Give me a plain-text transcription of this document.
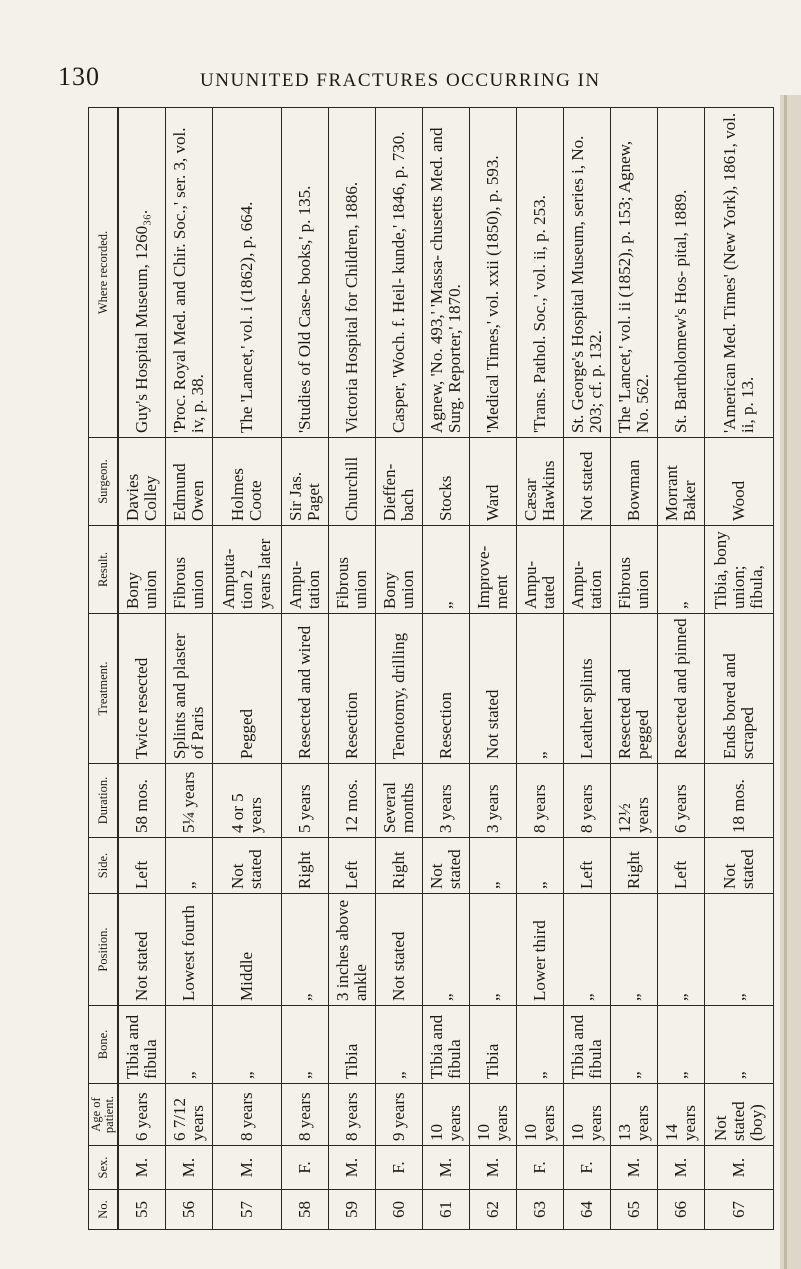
130	UNUNITED FRACTURES OCCURRING IN
No.	Sex.	Age of patient.	Bone.	Position.	Side.	Duration.	Treatment.	Result.	Surgeon.	Where recorded.
55	M.	6 years	Tibia and fibula	Not stated	Left	58 mos.	Twice resected	Bony union	Davies Colley	Guy's Hospital Museum, 1260₃₆.
56	M.	6 7/12 years	„	Lowest fourth	„	5¼ years	Splints and plaster of Paris	Fibrous union	Edmund Owen	'Proc. Royal Med. and Chir. Soc.,' ser. 3, vol. iv, p. 38.
57	M.	8 years	„	Middle	Not stated	4 or 5 years	Pegged	Amputa- tion 2 years later	Holmes Coote	The 'Lancet,' vol. i (1862), p. 664.
58	F.	8 years	„	„	Right	5 years	Resected and wired	Ampu- tation	Sir Jas. Paget	'Studies of Old Case- books,' p. 135.
59	M.	8 years	Tibia	3 inches above ankle	Left	12 mos.	Resection	Fibrous union	Churchill	Victoria Hospital for Children, 1886.
60	F.	9 years	„	Not stated	Right	Several months	Tenotomy, drilling	Bony union	Dieffen- bach	Casper, 'Woch. f. Heil- kunde,' 1846, p. 730.
61	M.	10 years	Tibia and fibula	„	Not stated	3 years	Resection	„	Stocks	Agnew, 'No. 493,' 'Massa- chusetts Med. and Surg. Reporter,' 1870.
62	M.	10 years	Tibia	„	„	3 years	Not stated	Improve- ment	Ward	'Medical Times,' vol. xxii (1850), p. 593.
63	F.	10 years	„	Lower third	„	8 years	„	Ampu- tated	Cæsar Hawkins	'Trans. Pathol. Soc.,' vol. ii, p. 253.
64	F.	10 years	Tibia and fibula	„	Left	8 years	Leather splints	Ampu- tation	Not stated	St. George's Hospital Museum, series i, No. 203; cf. p. 132.
65	M.	13 years	„	„	Right	12½ years	Resected and pegged	Fibrous union	Bowman	The 'Lancet,' vol. ii (1852), p. 153; Agnew, No. 562.
66	M.	14 years	„	„	Left	6 years	Resected and pinned	„	Morrant Baker	St. Bartholomew's Hos- pital, 1889.
67	M.	Not stated (boy)	„	„	Not stated	18 mos.	Ends bored and scraped	Tibia, bony union; fibula,	Wood	'American Med. Times' (New York), 1861, vol. ii, p. 13.
